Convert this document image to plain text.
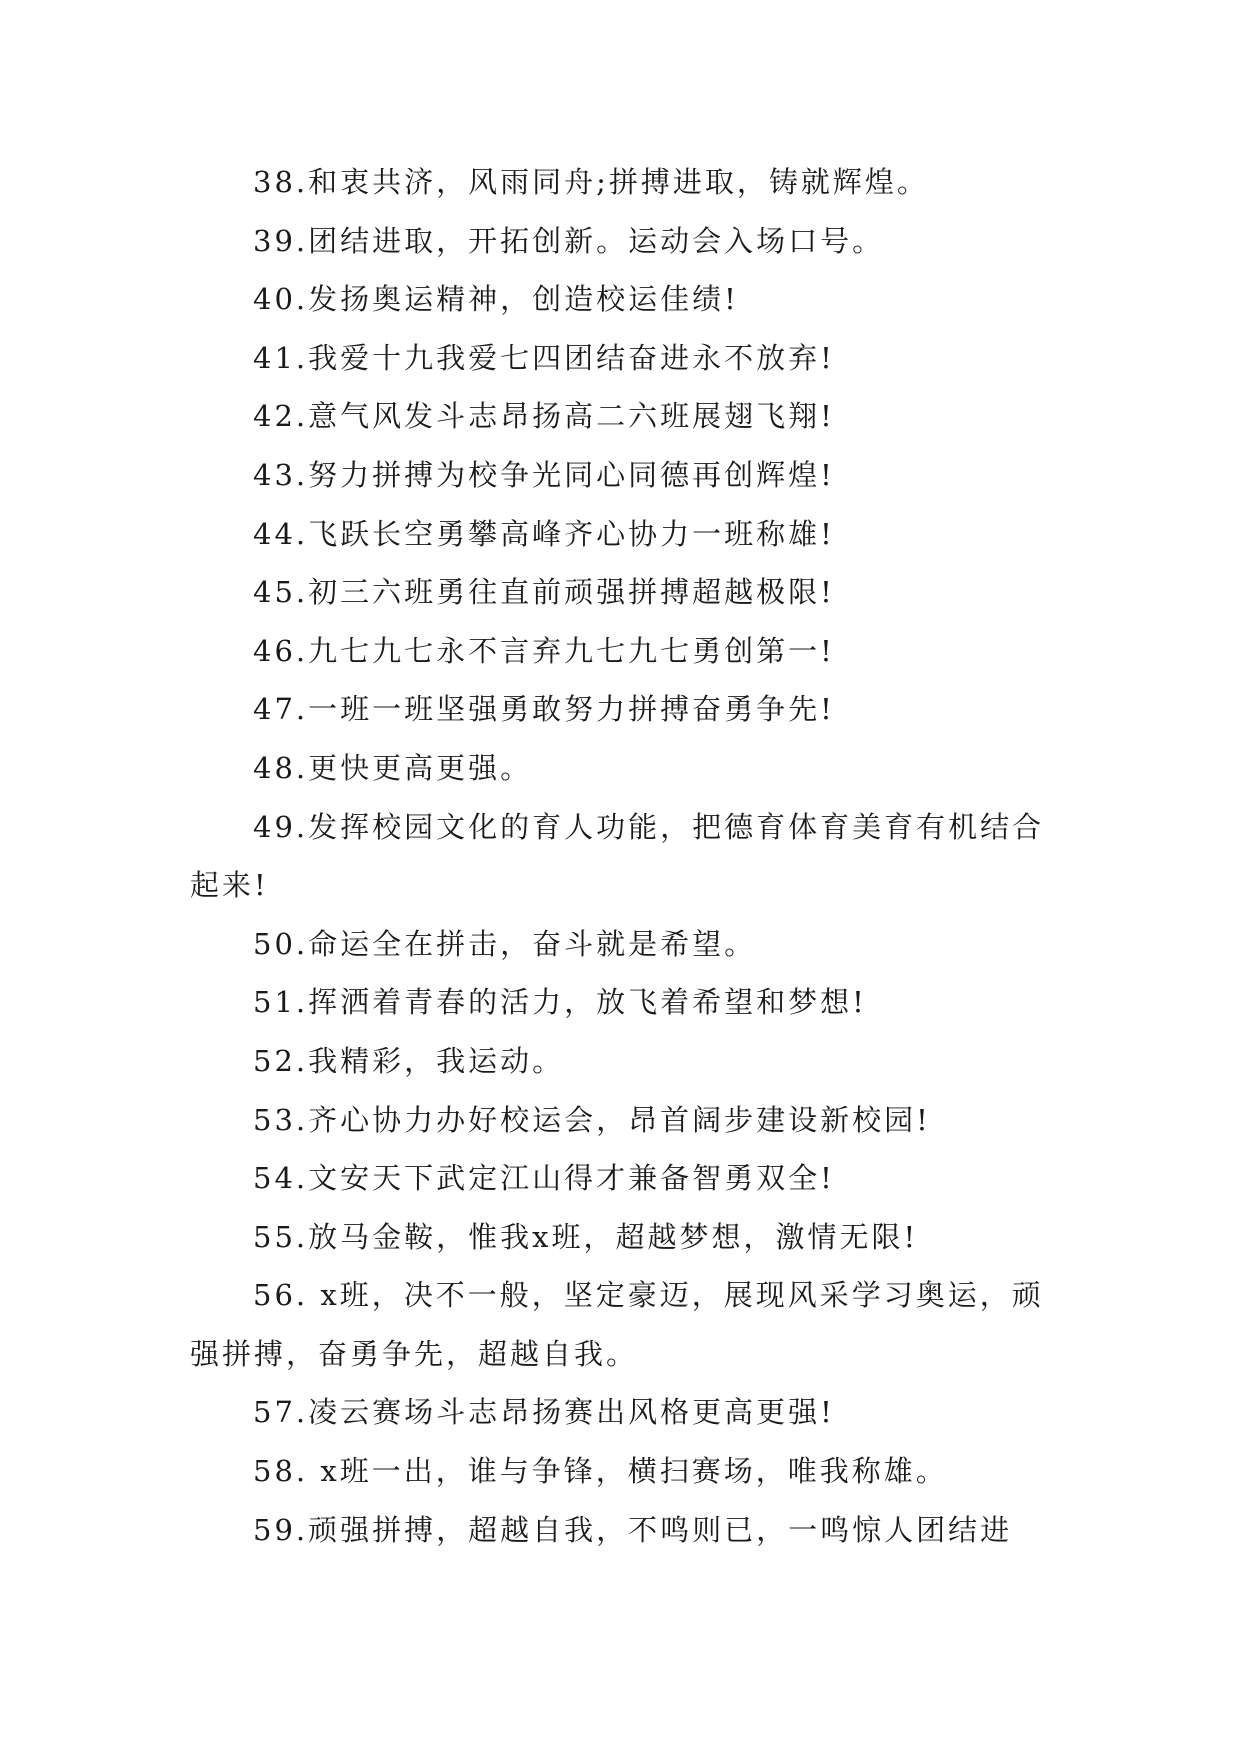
38.和衷共济，风雨同舟;拼搏进取，铸就辉煌。

39.团结进取，开拓创新。运动会入场口号。

40.发扬奥运精神，创造校运佳绩!

41.我爱十九我爱七四团结奋进永不放弃!

42.意气风发斗志昂扬高二六班展翅飞翔!

43.努力拼搏为校争光同心同德再创辉煌!

44.飞跃长空勇攀高峰齐心协力一班称雄!

45.初三六班勇往直前顽强拼搏超越极限!

46.九七九七永不言弃九七九七勇创第一!

47.一班一班坚强勇敢努力拼搏奋勇争先!

48.更快更高更强。

49.发挥校园文化的育人功能，把德育体育美育有机结合起来!

50.命运全在拼击，奋斗就是希望。

51.挥洒着青春的活力，放飞着希望和梦想!

52.我精彩，我运动。

53.齐心协力办好校运会，昂首阔步建设新校园!

54.文安天下武定江山得才兼备智勇双全!

55.放马金鞍，惟我x班，超越梦想，激情无限!

56. x班，决不一般，坚定豪迈，展现风采学习奥运，顽强拼搏，奋勇争先，超越自我。

57.凌云赛场斗志昂扬赛出风格更高更强!

58. x班一出，谁与争锋，横扫赛场，唯我称雄。

59.顽强拼搏，超越自我，不鸣则已，一鸣惊人团结进
